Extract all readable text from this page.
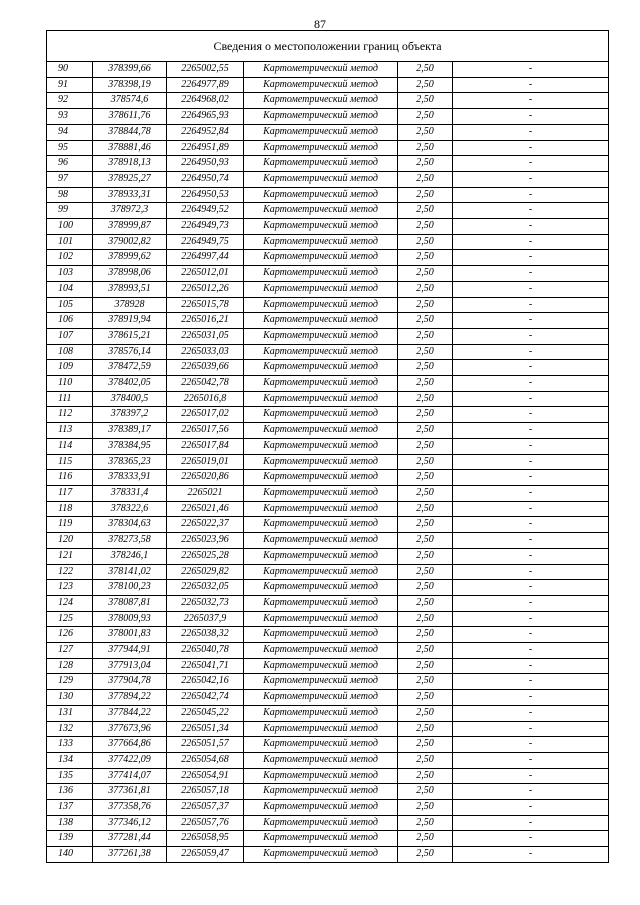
87
Сведения о местоположении границ объекта					
90	378399,66	2265002,55	Картометрический метод	2,50	-
91	378398,19	2264977,89	Картометрический метод	2,50	-
92	378574,6	2264968,02	Картометрический метод	2,50	-
93	378611,76	2264965,93	Картометрический метод	2,50	-
94	378844,78	2264952,84	Картометрический метод	2,50	-
95	378881,46	2264951,89	Картометрический метод	2,50	-
96	378918,13	2264950,93	Картометрический метод	2,50	-
97	378925,27	2264950,74	Картометрический метод	2,50	-
98	378933,31	2264950,53	Картометрический метод	2,50	-
99	378972,3	2264949,52	Картометрический метод	2,50	-
100	378999,87	2264949,73	Картометрический метод	2,50	-
101	379002,82	2264949,75	Картометрический метод	2,50	-
102	378999,62	2264997,44	Картометрический метод	2,50	-
103	378998,06	2265012,01	Картометрический метод	2,50	-
104	378993,51	2265012,26	Картометрический метод	2,50	-
105	378928	2265015,78	Картометрический метод	2,50	-
106	378919,94	2265016,21	Картометрический метод	2,50	-
107	378615,21	2265031,05	Картометрический метод	2,50	-
108	378576,14	2265033,03	Картометрический метод	2,50	-
109	378472,59	2265039,66	Картометрический метод	2,50	-
110	378402,05	2265042,78	Картометрический метод	2,50	-
111	378400,5	2265016,8	Картометрический метод	2,50	-
112	378397,2	2265017,02	Картометрический метод	2,50	-
113	378389,17	2265017,56	Картометрический метод	2,50	-
114	378384,95	2265017,84	Картометрический метод	2,50	-
115	378365,23	2265019,01	Картометрический метод	2,50	-
116	378333,91	2265020,86	Картометрический метод	2,50	-
117	378331,4	2265021	Картометрический метод	2,50	-
118	378322,6	2265021,46	Картометрический метод	2,50	-
119	378304,63	2265022,37	Картометрический метод	2,50	-
120	378273,58	2265023,96	Картометрический метод	2,50	-
121	378246,1	2265025,28	Картометрический метод	2,50	-
122	378141,02	2265029,82	Картометрический метод	2,50	-
123	378100,23	2265032,05	Картометрический метод	2,50	-
124	378087,81	2265032,73	Картометрический метод	2,50	-
125	378009,93	2265037,9	Картометрический метод	2,50	-
126	378001,83	2265038,32	Картометрический метод	2,50	-
127	377944,91	2265040,78	Картометрический метод	2,50	-
128	377913,04	2265041,71	Картометрический метод	2,50	-
129	377904,78	2265042,16	Картометрический метод	2,50	-
130	377894,22	2265042,74	Картометрический метод	2,50	-
131	377844,22	2265045,22	Картометрический метод	2,50	-
132	377673,96	2265051,34	Картометрический метод	2,50	-
133	377664,86	2265051,57	Картометрический метод	2,50	-
134	377422,09	2265054,68	Картометрический метод	2,50	-
135	377414,07	2265054,91	Картометрический метод	2,50	-
136	377361,81	2265057,18	Картометрический метод	2,50	-
137	377358,76	2265057,37	Картометрический метод	2,50	-
138	377346,12	2265057,76	Картометрический метод	2,50	-
139	377281,44	2265058,95	Картометрический метод	2,50	-
140	377261,38	2265059,47	Картометрический метод	2,50	-
